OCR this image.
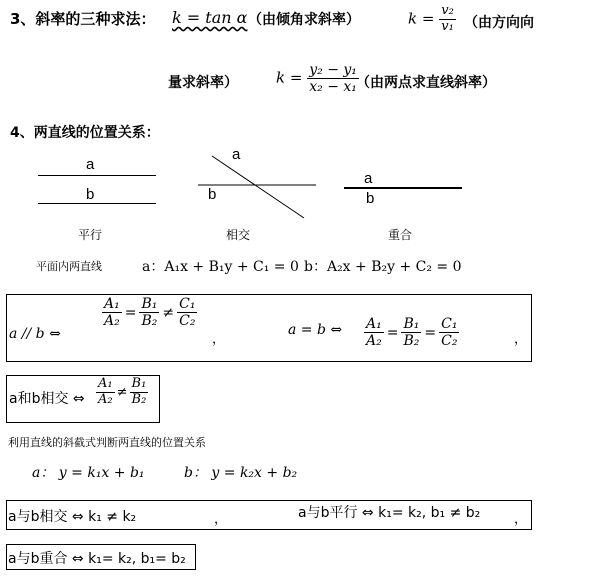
3、斜率的三种求法： k = tan α （由倾角求斜率）	$k = \frac{\text{v₂}}{\text{v₁}}$ （由方向向
量求斜率）	$k = \frac{\text{y₂ − y₁}}{\text{x₂ − x₁}}$
（由两点求直线斜率）
4、两直线的位置关系：
a
b
平行
a
b
相交
a
b
重合
平面内两直线	a：A₁x + B₁y + C₁ = 0 b：A₂x + B₂y + C₂ = 0
a // b ⇔
$\frac{\text{A₁}}{\text{A₂}} = \frac{\text{B₁}}{\text{B₂}} \ne \frac{\text{C₁}}{\text{C₂}}$
，
a = b ⇔ $\frac{\text{A₁}}{\text{A₂}} = \frac{\text{B₁}}{\text{B₂}} = \frac{\text{C₁}}{\text{C₂}}$	，
a和b相交 ⇔ $\frac{\text{A₁}}{\text{A₂}} \ne \frac{\text{B₁}}{\text{B₂}}$
利用直线的斜截式判断两直线的位置关系
a： y = k₁x + b₁	b： y = k₂x + b₂
a与b相交 ⇔ k₁ ≠ k₂	，	a与b平行 ⇔ k₁= k₂, b₁ ≠ b₂	，
a与b重合 ⇔ k₁= k₂, b₁= b₂
